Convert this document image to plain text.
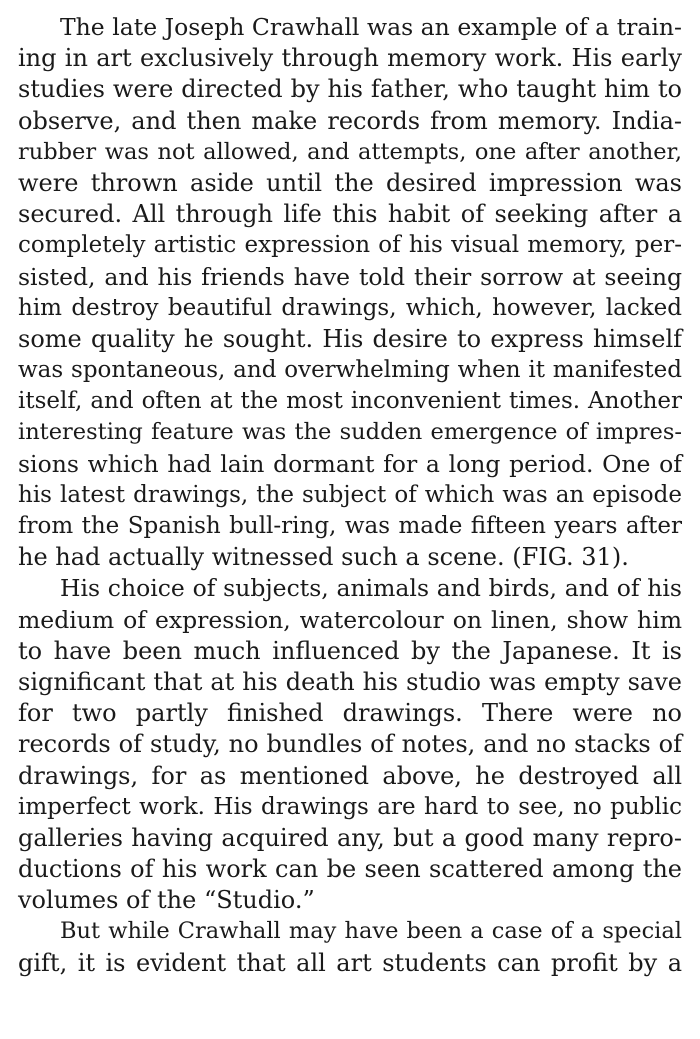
The late Joseph Crawhall was an example of a train-
ing in art exclusively through memory work. His early
studies were directed by his father, who taught him to
observe, and then make records from memory. India-
rubber was not allowed, and attempts, one after another,
were thrown aside until the desired impression was
secured. All through life this habit of seeking after a
completely artistic expression of his visual memory, per-
sisted, and his friends have told their sorrow at seeing
him destroy beautiful drawings, which, however, lacked
some quality he sought. His desire to express himself
was spontaneous, and overwhelming when it manifested
itself, and often at the most inconvenient times. Another
interesting feature was the sudden emergence of impres-
sions which had lain dormant for a long period. One of
his latest drawings, the subject of which was an episode
from the Spanish bull-ring, was made fifteen years after
he had actually witnessed such a scene. (FIG. 31).
His choice of subjects, animals and birds, and of his
medium of expression, watercolour on linen, show him
to have been much influenced by the Japanese. It is
significant that at his death his studio was empty save
for two partly finished drawings. There were no
records of study, no bundles of notes, and no stacks of
drawings, for as mentioned above, he destroyed all
imperfect work. His drawings are hard to see, no public
galleries having acquired any, but a good many repro-
ductions of his work can be seen scattered among the
volumes of the “Studio.”
But while Crawhall may have been a case of a special
gift, it is evident that all art students can profit by a
